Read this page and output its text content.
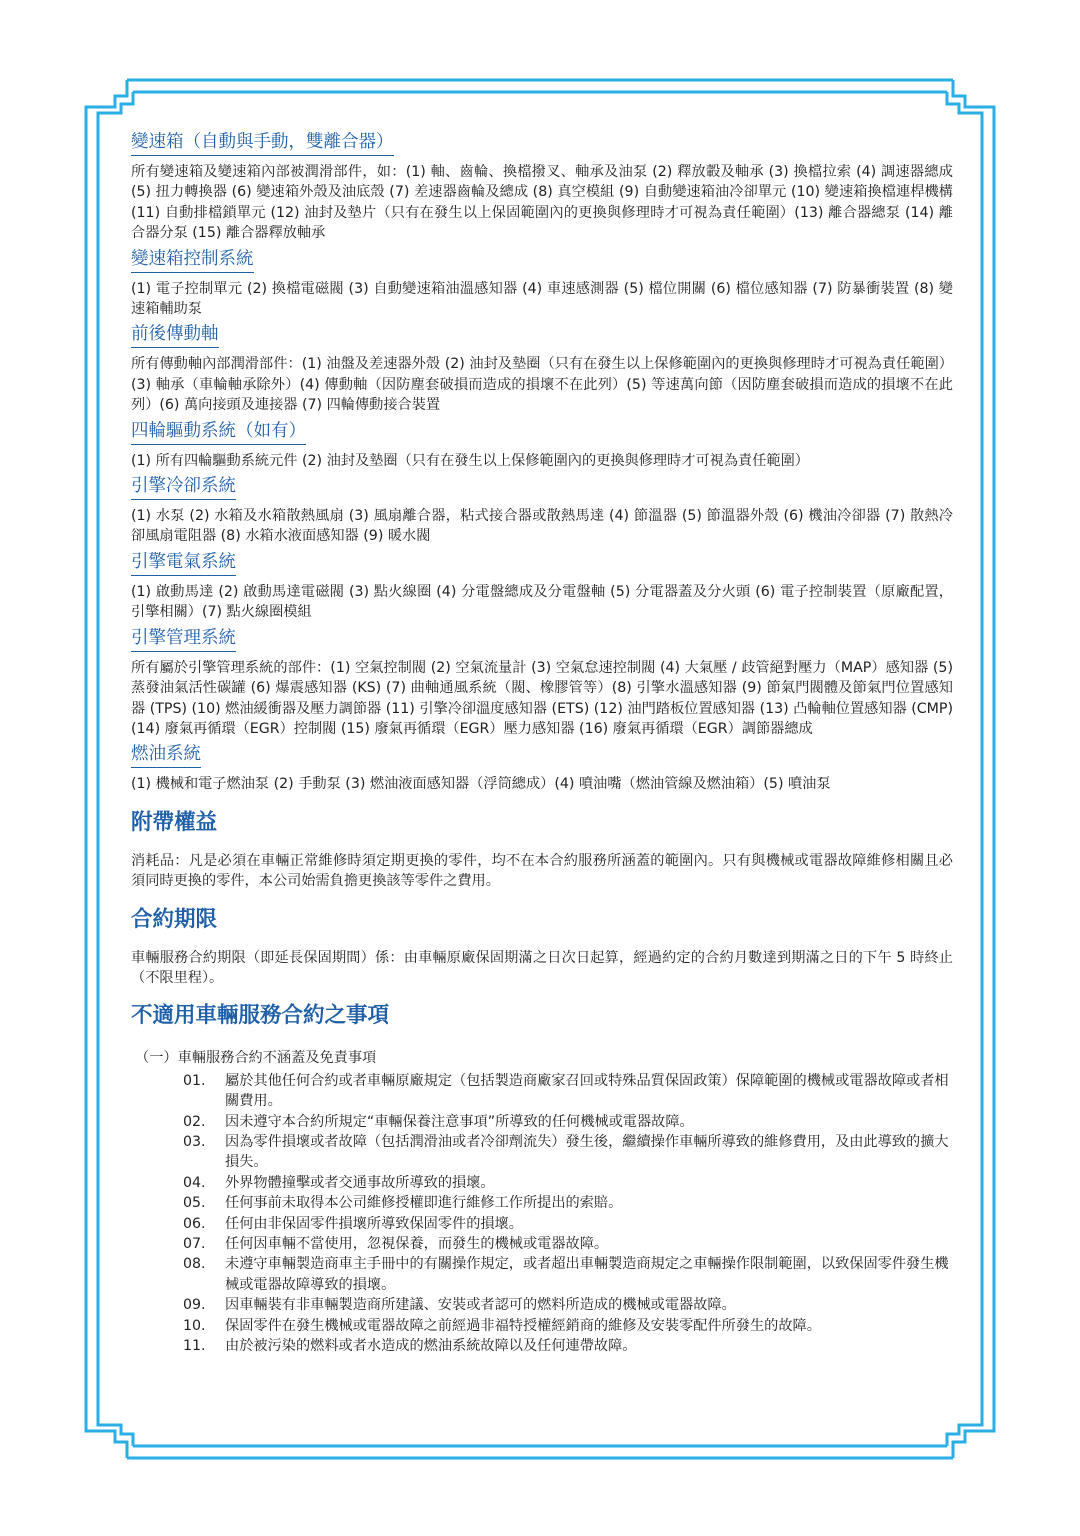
變速箱（自動與手動，雙離合器）

所有變速箱及變速箱內部被潤滑部件，如：(1) 軸、齒輪、換檔撥叉、軸承及油泵 (2) 釋放轂及軸承 (3) 換檔拉索 (4) 調速器總成 (5) 扭力轉換器 (6) 變速箱外殼及油底殼 (7) 差速器齒輪及總成 (8) 真空模組 (9) 自動變速箱油冷卻單元 (10) 變速箱換檔連桿機構 (11) 自動排檔鎖單元 (12) 油封及墊片（只有在發生以上保固範圍內的更換與修理時才可視為責任範圍）(13) 離合器總泵 (14) 離合器分泵 (15) 離合器釋放軸承

變速箱控制系統

(1) 電子控制單元 (2) 換檔電磁閥 (3) 自動變速箱油溫感知器 (4) 車速感測器 (5) 檔位開關 (6) 檔位感知器 (7) 防暴衝裝置 (8) 變速箱輔助泵

前後傳動軸

所有傳動軸內部潤滑部件：(1) 油盤及差速器外殼 (2) 油封及墊圈（只有在發生以上保修範圍內的更換與修理時才可視為責任範圍）(3) 軸承（車輪軸承除外）(4) 傳動軸（因防塵套破損而造成的損壞不在此列）(5) 等速萬向節（因防塵套破損而造成的損壞不在此列）(6) 萬向接頭及連接器 (7) 四輪傳動接合裝置

四輪驅動系統（如有）

(1) 所有四輪驅動系統元件 (2) 油封及墊圈（只有在發生以上保修範圍內的更換與修理時才可視為責任範圍）

引擎冷卻系統

(1) 水泵 (2) 水箱及水箱散熱風扇 (3) 風扇離合器，粘式接合器或散熱馬達 (4) 節溫器 (5) 節溫器外殼 (6) 機油冷卻器 (7) 散熱冷卻風扇電阻器 (8) 水箱水液面感知器 (9) 暖水閥

引擎電氣系統

(1) 啟動馬達 (2) 啟動馬達電磁閥 (3) 點火線圈 (4) 分電盤總成及分電盤軸 (5) 分電器蓋及分火頭 (6) 電子控制裝置（原廠配置，引擎相關）(7) 點火線圈模組

引擎管理系統

所有屬於引擎管理系統的部件：(1) 空氣控制閥 (2) 空氣流量計 (3) 空氣怠速控制閥 (4) 大氣壓 / 歧管絕對壓力（MAP）感知器 (5) 蒸發油氣活性碳罐 (6) 爆震感知器 (KS) (7) 曲軸通風系統（閥、橡膠管等）(8) 引擎水溫感知器 (9) 節氣門閥體及節氣門位置感知器 (TPS) (10) 燃油緩衝器及壓力調節器 (11) 引擎冷卻溫度感知器 (ETS) (12) 油門踏板位置感知器 (13) 凸輪軸位置感知器 (CMP) (14) 廢氣再循環（EGR）控制閥 (15) 廢氣再循環（EGR）壓力感知器 (16) 廢氣再循環（EGR）調節器總成

燃油系統

(1) 機械和電子燃油泵 (2) 手動泵 (3) 燃油液面感知器（浮筒總成）(4) 噴油嘴（燃油管線及燃油箱）(5) 噴油泵

附帶權益

消耗品：凡是必須在車輛正常維修時須定期更換的零件，均不在本合約服務所涵蓋的範圍內。只有與機械或電器故障維修相關且必須同時更換的零件，本公司始需負擔更換該等零件之費用。

合約期限

車輛服務合約期限（即延長保固期間）係：由車輛原廠保固期滿之日次日起算，經過約定的合約月數達到期滿之日的下午 5 時終止（不限里程）。

不適用車輛服務合約之事項
（一）車輛服務合約不涵蓋及免責事項
01.	屬於其他任何合約或者車輛原廠規定（包括製造商廠家召回或特殊品質保固政策）保障範圍的機械或電器故障或者相關費用。
02.	因未遵守本合約所規定“車輛保養注意事項”所導致的任何機械或電器故障。
03.	因為零件損壞或者故障（包括潤滑油或者冷卻劑流失）發生後，繼續操作車輛所導致的維修費用，及由此導致的擴大損失。
04.	外界物體撞擊或者交通事故所導致的損壞。
05.	任何事前未取得本公司維修授權即進行維修工作所提出的索賠。
06.	任何由非保固零件損壞所導致保固零件的損壞。
07.	任何因車輛不當使用，忽視保養，而發生的機械或電器故障。
08.	未遵守車輛製造商車主手冊中的有關操作規定，或者超出車輛製造商規定之車輛操作限制範圍，以致保固零件發生機械或電器故障導致的損壞。
09.	因車輛裝有非車輛製造商所建議、安裝或者認可的燃料所造成的機械或電器故障。
10.	保固零件在發生機械或電器故障之前經過非福特授權經銷商的維修及安裝零配件所發生的故障。
11.	由於被污染的燃料或者水造成的燃油系統故障以及任何連帶故障。
